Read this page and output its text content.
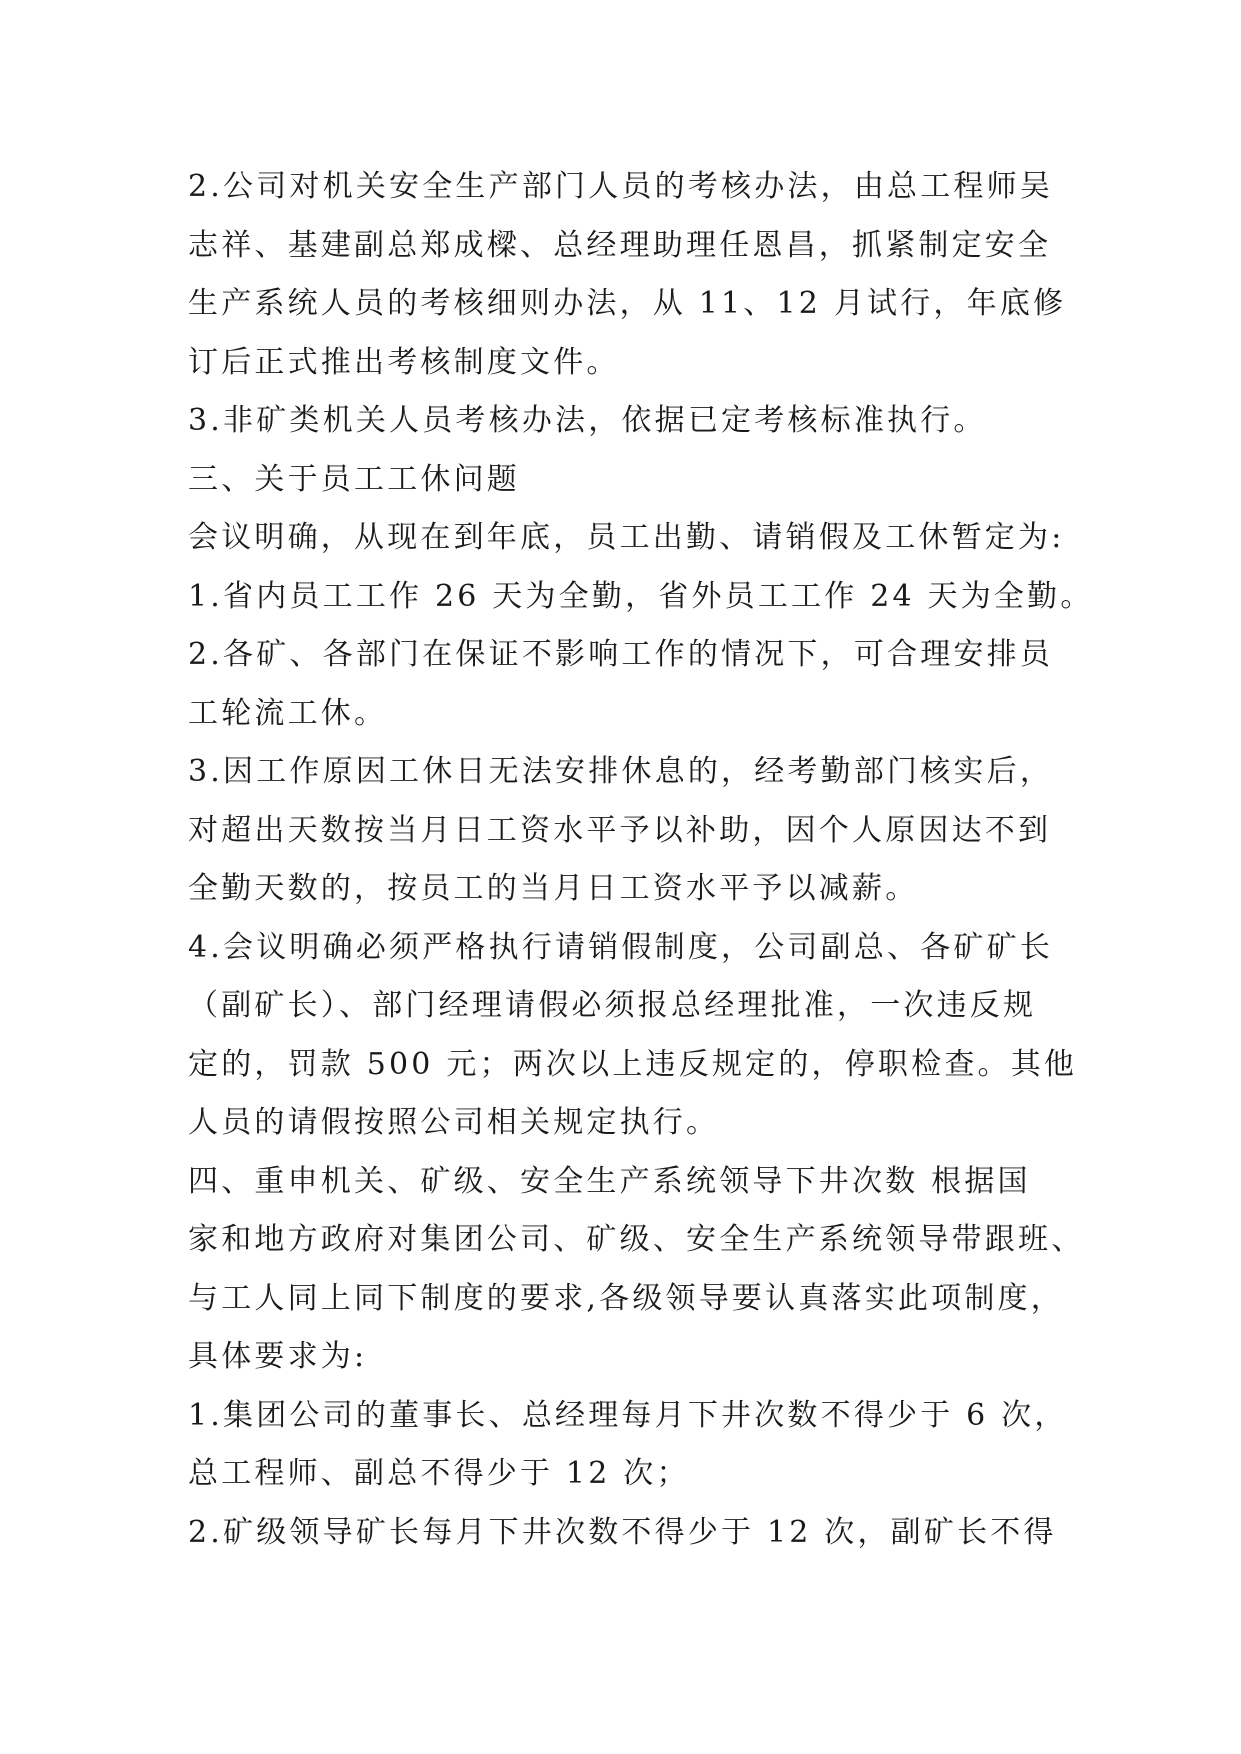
2.公司对机关安全生产部门人员的考核办法，由总工程师吴
志祥、基建副总郑成樑、总经理助理任恩昌，抓紧制定安全
生产系统人员的考核细则办法，从 11、12 月试行，年底修
订后正式推出考核制度文件。
3.非矿类机关人员考核办法，依据已定考核标准执行。
三、关于员工工休问题
会议明确，从现在到年底，员工出勤、请销假及工休暂定为:
1.省内员工工作 26 天为全勤，省外员工工作 24 天为全勤。
2.各矿、各部门在保证不影响工作的情况下，可合理安排员
工轮流工休。
3.因工作原因工休日无法安排休息的，经考勤部门核实后，
对超出天数按当月日工资水平予以补助，因个人原因达不到
全勤天数的，按员工的当月日工资水平予以减薪。
4.会议明确必须严格执行请销假制度，公司副总、各矿矿长
（副矿长）、部门经理请假必须报总经理批准，一次违反规
定的，罚款 500 元；两次以上违反规定的，停职检查。其他
人员的请假按照公司相关规定执行。
四、重申机关、矿级、安全生产系统领导下井次数 根据国
家和地方政府对集团公司、矿级、安全生产系统领导带跟班、
与工人同上同下制度的要求,各级领导要认真落实此项制度，
具体要求为:
1.集团公司的董事长、总经理每月下井次数不得少于 6 次，
总工程师、副总不得少于 12 次；
2.矿级领导矿长每月下井次数不得少于 12 次，副矿长不得
